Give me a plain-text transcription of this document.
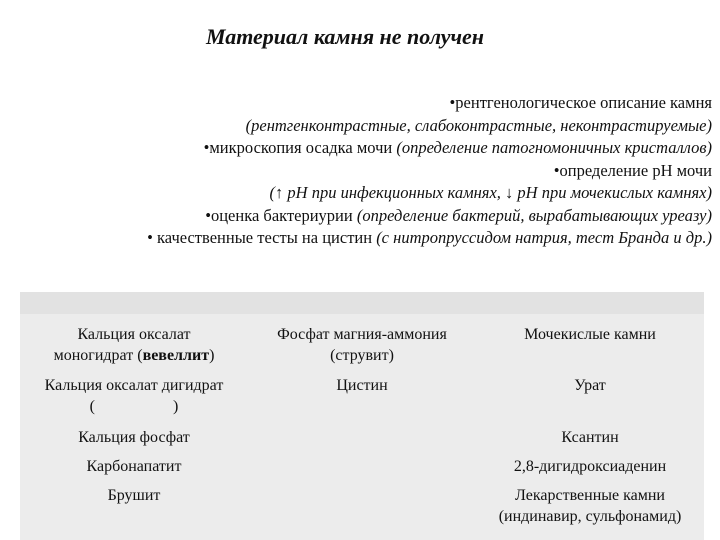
Материал камня не получен
•рентгенологическое описание камня
(рентгенконтрастные, слабоконтрастные, неконтрастируемые)
•микроскопия осадка мочи (определение патогномоничных кристаллов)
•определение pH мочи
(↑ pH при инфекционных камнях, ↓ pH при мочекислых камнях)
•оценка бактериурии (определение бактерий, вырабатывающих уреазу)
• качественные тесты на цистин (с нитропруссидом натрия, тест Бранда и др.)
Кальция оксалат
моногидрат (вевеллит)
Кальция оксалат дигидрат
(	)
Кальция фосфат
Карбонапатит
Брушит
Фосфат магния-аммония
(струвит)
Цистин
Мочекислые камни
Урат
Ксантин
2,8-дигидроксиаденин
Лекарственные камни
(индинавир, сульфонамид)
